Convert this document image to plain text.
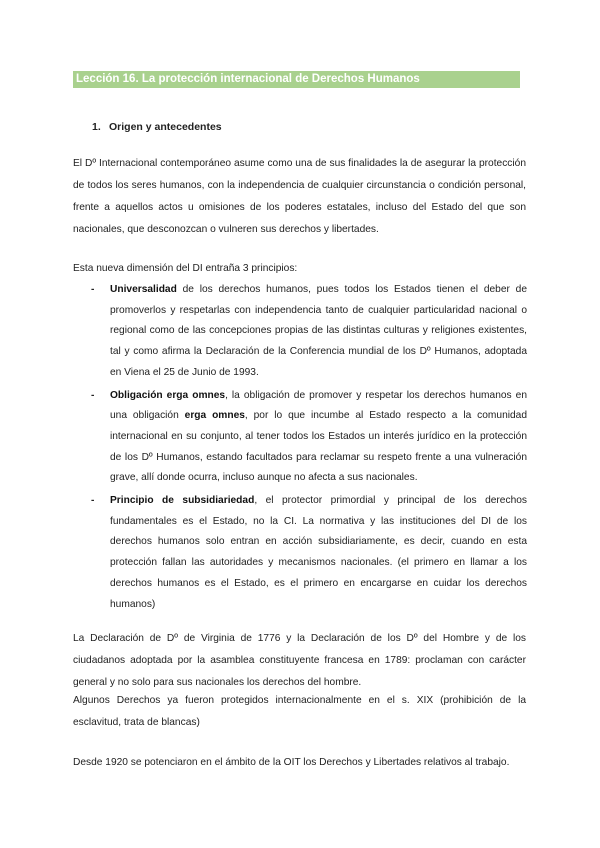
Lección 16. La protección internacional de Derechos Humanos
1. Origen y antecedentes
El Dº Internacional contemporáneo asume como una de sus finalidades la de asegurar la protección de todos los seres humanos, con la independencia de cualquier circunstancia o condición personal, frente a aquellos actos u omisiones de los poderes estatales, incluso del Estado del que son nacionales, que desconozcan o vulneren sus derechos y libertades.
Esta nueva dimensión del DI entraña 3 principios:
- Universalidad de los derechos humanos, pues todos los Estados tienen el deber de promoverlos y respetarlas con independencia tanto de cualquier particularidad nacional o regional como de las concepciones propias de las distintas culturas y religiones existentes, tal y como afirma la Declaración de la Conferencia mundial de los Dº Humanos, adoptada en Viena el 25 de Junio de 1993.
- Obligación erga omnes, la obligación de promover y respetar los derechos humanos en una obligación erga omnes, por lo que incumbe al Estado respecto a la comunidad internacional en su conjunto, al tener todos los Estados un interés jurídico en la protección de los Dº Humanos, estando facultados para reclamar su respeto frente a una vulneración grave, allí donde ocurra, incluso aunque no afecta a sus nacionales.
- Principio de subsidiariedad, el protector primordial y principal de los derechos fundamentales es el Estado, no la CI. La normativa y las instituciones del DI de los derechos humanos solo entran en acción subsidiariamente, es decir, cuando en esta protección fallan las autoridades y mecanismos nacionales. (el primero en llamar a los derechos humanos es el Estado, es el primero en encargarse en cuidar los derechos humanos)
La Declaración de Dº de Virginia de 1776 y la Declaración de los Dº del Hombre y de los ciudadanos adoptada por la asamblea constituyente francesa en 1789: proclaman con carácter general y no solo para sus nacionales los derechos del hombre.
Algunos Derechos ya fueron protegidos internacionalmente en el s. XIX (prohibición de la esclavitud, trata de blancas)
Desde 1920 se potenciaron en el ámbito de la OIT los Derechos y Libertades relativos al trabajo.
